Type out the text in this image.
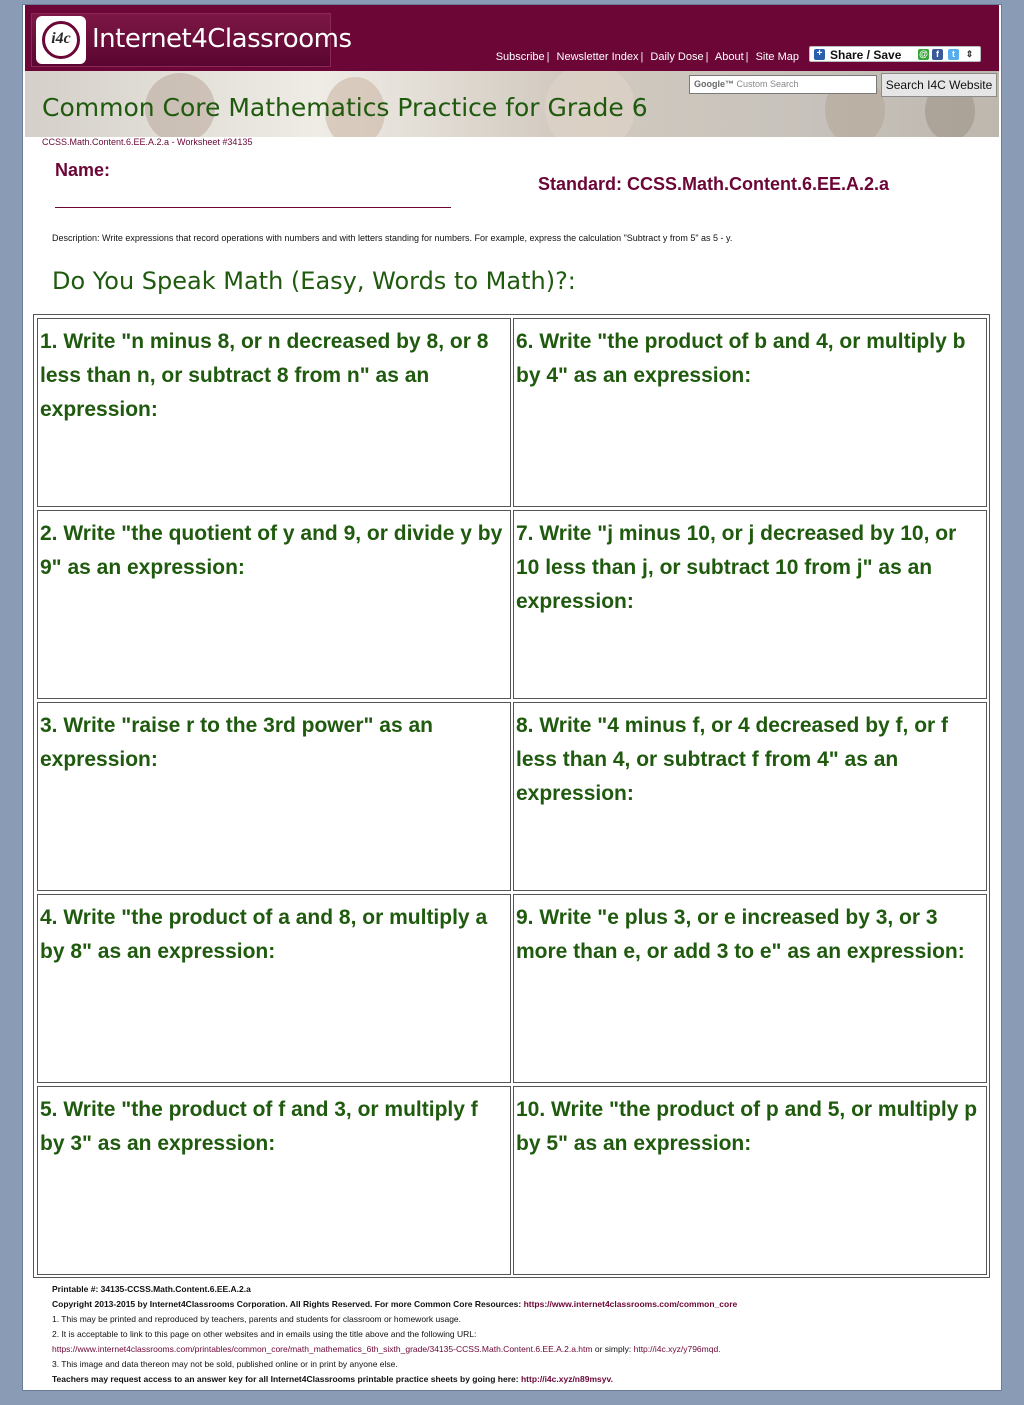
i4c Internet4Classrooms
Subscribe | Newsletter Index | Daily Dose | About | Site Map + Share / Save @ f	t	⇕
Google™ Custom Search	Search I4C Website
Common Core Mathematics Practice for Grade 6
CCSS.Math.Content.6.EE.A.2.a - Worksheet #34135
Name:
Standard: CCSS.Math.Content.6.EE.A.2.a
Description: Write expressions that record operations with numbers and with letters standing for numbers. For example, express the calculation "Subtract y from 5" as 5 - y.
Do You Speak Math (Easy, Words to Math)?:
1. Write "n minus 8, or n decreased by 8, or 8 less than n, or subtract 8 from n" as an expression:
6. Write "the product of b and 4, or multiply b by 4" as an expression:
2. Write "the quotient of y and 9, or divide y by 9" as an expression:
7. Write "j minus 10, or j decreased by 10, or 10 less than j, or subtract 10 from j" as an expression:
3. Write "raise r to the 3rd power" as an expression:
8. Write "4 minus f, or 4 decreased by f, or f less than 4, or subtract f from 4" as an expression:
4. Write "the product of a and 8, or multiply a by 8" as an expression:
9. Write "e plus 3, or e increased by 3, or 3 more than e, or add 3 to e" as an expression:
5. Write "the product of f and 3, or multiply f by 3" as an expression:
10. Write "the product of p and 5, or multiply p by 5" as an expression:
Printable #: 34135-CCSS.Math.Content.6.EE.A.2.a
Copyright 2013-2015 by Internet4Classrooms Corporation. All Rights Reserved. For more Common Core Resources: https://www.internet4classrooms.com/common_core
1. This may be printed and reproduced by teachers, parents and students for classroom or homework usage.
2. It is acceptable to link to this page on other websites and in emails using the title above and the following URL:
https://www.internet4classrooms.com/printables/common_core/math_mathematics_6th_sixth_grade/34135-CCSS.Math.Content.6.EE.A.2.a.htm or simply: http://i4c.xyz/y796mqd.
3. This image and data thereon may not be sold, published online or in print by anyone else.
Teachers may request access to an answer key for all Internet4Classrooms printable practice sheets by going here: http://i4c.xyz/n89msyv.
